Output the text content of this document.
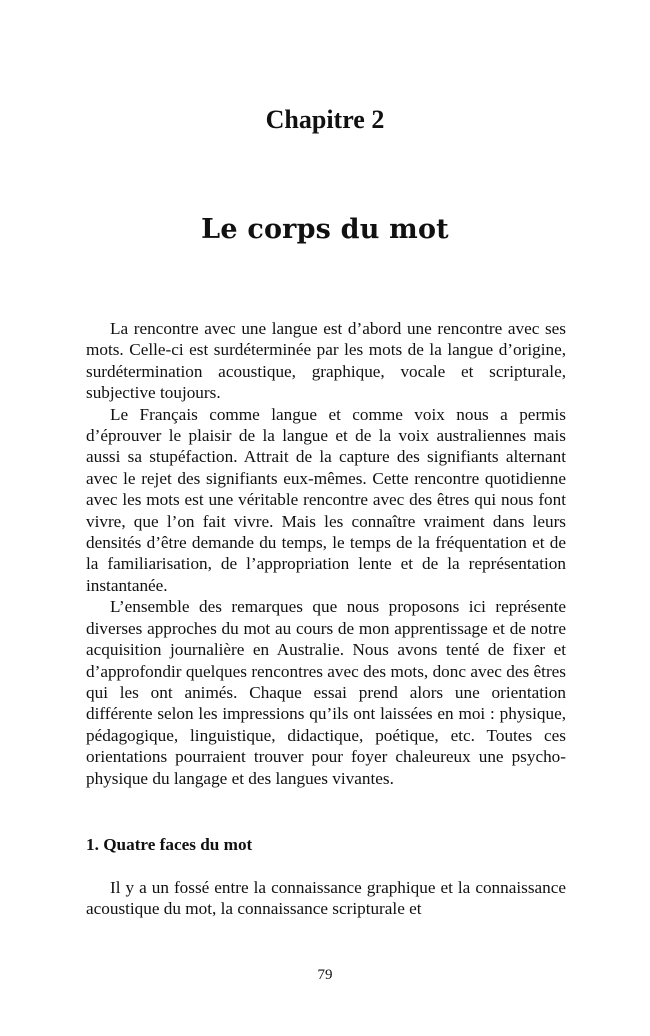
Chapitre 2
Le corps du mot

La rencontre avec une langue est d’abord une rencontre avec ses mots. Celle-ci est surdéterminée par les mots de la langue d’origine, surdétermination acoustique, graphique, vocale et scripturale, subjective toujours.

Le Français comme langue et comme voix nous a permis d’éprouver le plaisir de la langue et de la voix australiennes mais aussi sa stupéfaction. Attrait de la capture des signifiants alternant avec le rejet des signifiants eux-mêmes. Cette rencontre quotidienne avec les mots est une véritable rencontre avec des êtres qui nous font vivre, que l’on fait vivre. Mais les connaître vraiment dans leurs densités d’être demande du temps, le temps de la fréquentation et de la familiarisation, de l’appropriation lente et de la représentation instantanée.

L’ensemble des remarques que nous proposons ici représente diverses approches du mot au cours de mon apprentissage et de notre acquisition journalière en Australie. Nous avons tenté de fixer et d’approfondir quelques rencontres avec des mots, donc avec des êtres qui les ont animés. Chaque essai prend alors une orientation différente selon les impressions qu’ils ont laissées en moi : physique, pédagogique, linguistique, didactique, poétique, etc. Toutes ces orientations pourraient trouver pour foyer chaleureux une psycho-physique du langage et des langues vivantes.

1. Quatre faces du mot

Il y a un fossé entre la connaissance graphique et la connaissance acoustique du mot, la connaissance scripturale et

79
